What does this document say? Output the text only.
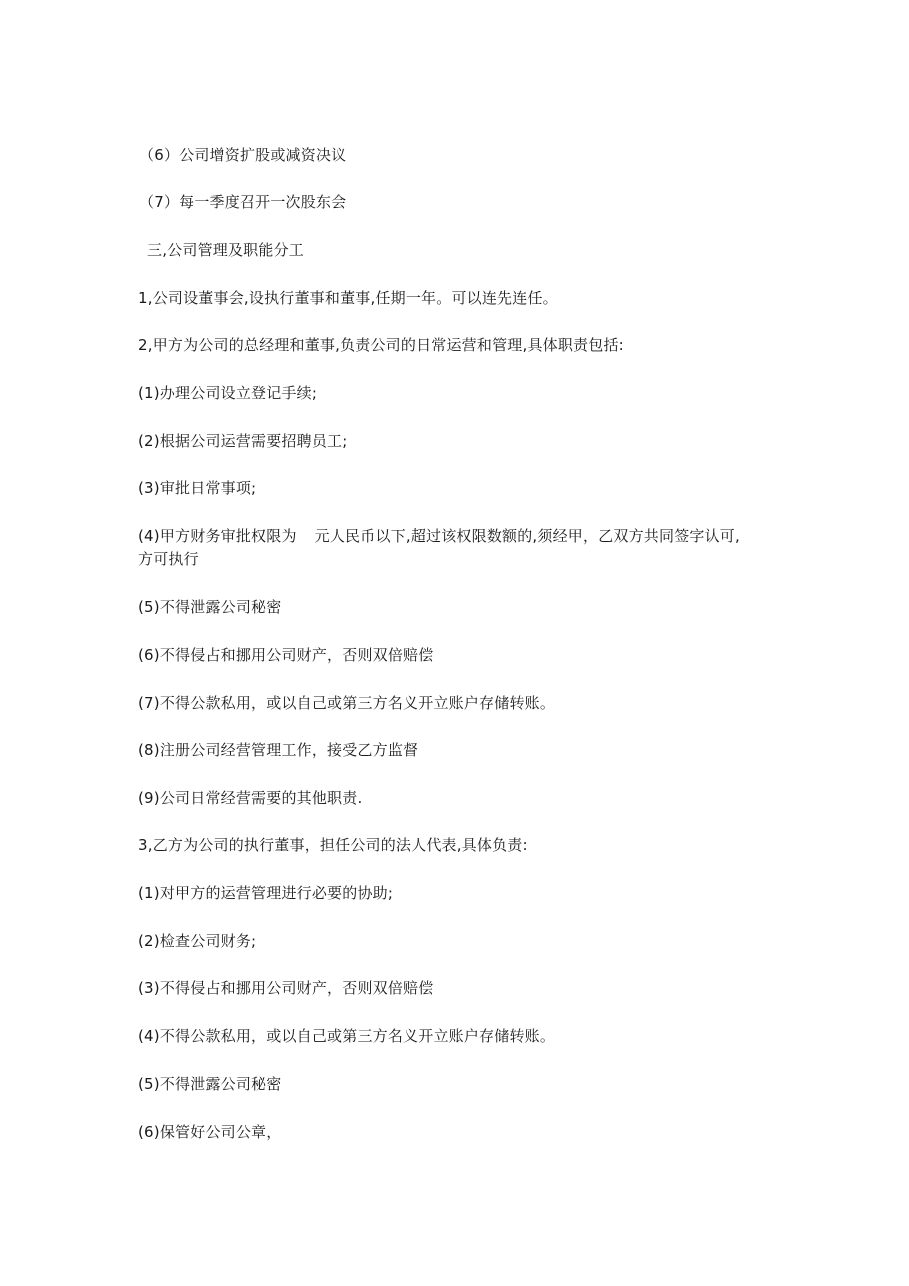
（6）公司增资扩股或减资决议
（7）每一季度召开一次股东会
三,公司管理及职能分工
1,公司设董事会,设执行董事和董事,任期一年。可以连先连任。
2,甲方为公司的总经理和董事,负责公司的日常运营和管理,具体职责包括:
(1)办理公司设立登记手续;
(2)根据公司运营需要招聘员工;
(3)审批日常事项;
(4)甲方财务审批权限为 元人民币以下,超过该权限数额的,须经甲，乙双方共同签字认可,
方可执行
(5)不得泄露公司秘密
(6)不得侵占和挪用公司财产，否则双倍赔偿
(7)不得公款私用，或以自己或第三方名义开立账户存储转账。
(8)注册公司经营管理工作，接受乙方监督
(9)公司日常经营需要的其他职责.
3,乙方为公司的执行董事，担任公司的法人代表,具体负责:
(1)对甲方的运营管理进行必要的协助;
(2)检查公司财务;
(3)不得侵占和挪用公司财产，否则双倍赔偿
(4)不得公款私用，或以自己或第三方名义开立账户存储转账。
(5)不得泄露公司秘密
(6)保管好公司公章，
